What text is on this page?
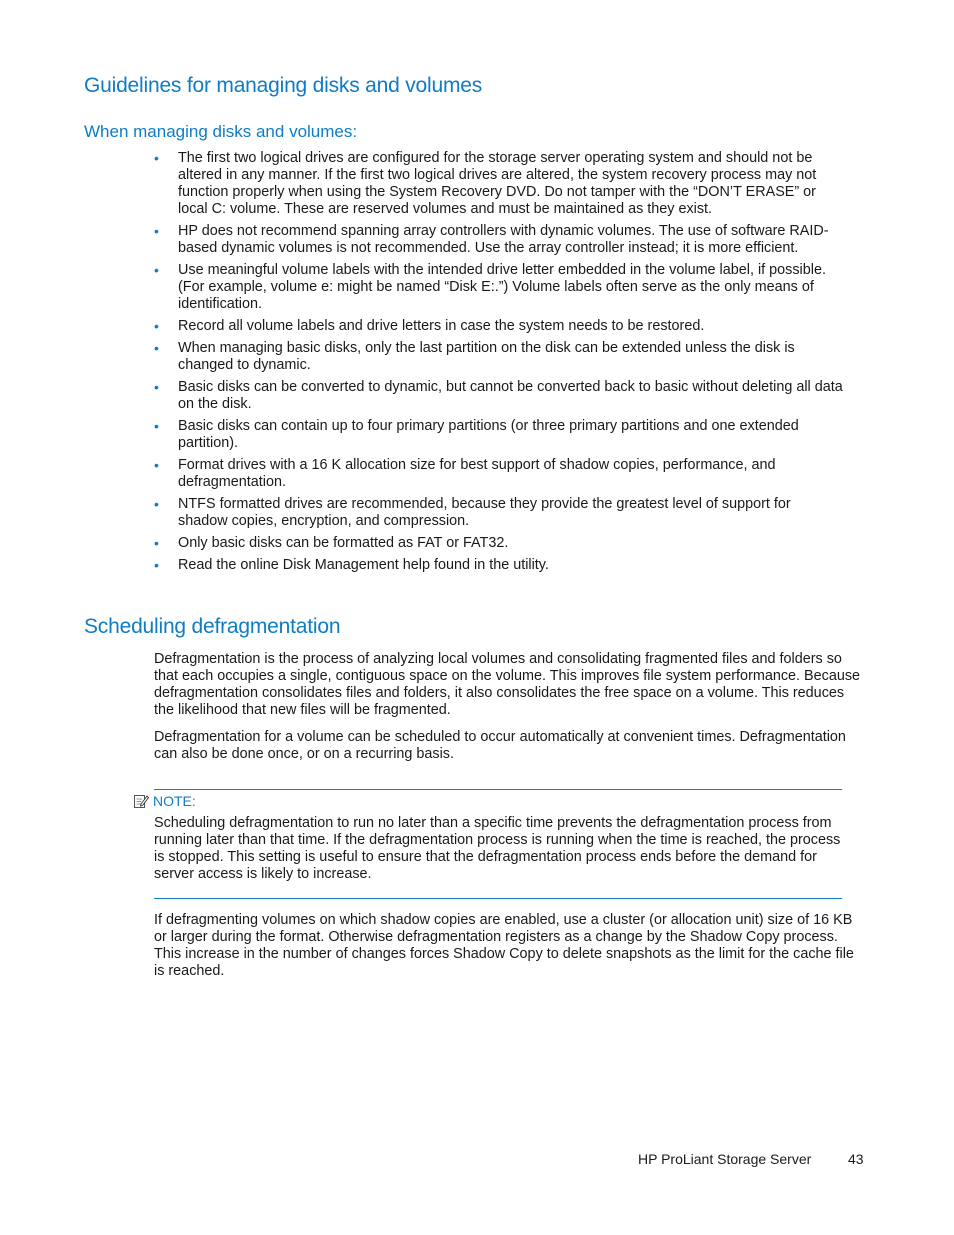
Guidelines for managing disks and volumes
When managing disks and volumes:
• The first two logical drives are configured for the storage server operating system and should not be altered in any manner. If the first two logical drives are altered, the system recovery process may not function properly when using the System Recovery DVD. Do not tamper with the “DON’T ERASE” or local C: volume. These are reserved volumes and must be maintained as they exist.
• HP does not recommend spanning array controllers with dynamic volumes. The use of software RAID-based dynamic volumes is not recommended. Use the array controller instead; it is more efficient.
• Use meaningful volume labels with the intended drive letter embedded in the volume label, if possible. (For example, volume e: might be named “Disk E:.”) Volume labels often serve as the only means of identification.
• Record all volume labels and drive letters in case the system needs to be restored.
• When managing basic disks, only the last partition on the disk can be extended unless the disk is changed to dynamic.
• Basic disks can be converted to dynamic, but cannot be converted back to basic without deleting all data on the disk.
• Basic disks can contain up to four primary partitions (or three primary partitions and one extended partition).
• Format drives with a 16 K allocation size for best support of shadow copies, performance, and defragmentation.
• NTFS formatted drives are recommended, because they provide the greatest level of support for shadow copies, encryption, and compression.
• Only basic disks can be formatted as FAT or FAT32.
• Read the online Disk Management help found in the utility.
Scheduling defragmentation

Defragmentation is the process of analyzing local volumes and consolidating fragmented files and folders so that each occupies a single, contiguous space on the volume. This improves file system performance. Because defragmentation consolidates files and folders, it also consolidates the free space on a volume. This reduces the likelihood that new files will be fragmented.

Defragmentation for a volume can be scheduled to occur automatically at convenient times. Defragmentation can also be done once, or on a recurring basis.

NOTE:

Scheduling defragmentation to run no later than a specific time prevents the defragmentation process from running later than that time. If the defragmentation process is running when the time is reached, the process is stopped. This setting is useful to ensure that the defragmentation process ends before the demand for server access is likely to increase.

If defragmenting volumes on which shadow copies are enabled, use a cluster (or allocation unit) size of 16 KB or larger during the format. Otherwise defragmentation registers as a change by the Shadow Copy process. This increase in the number of changes forces Shadow Copy to delete snapshots as the limit for the cache file is reached.

HP ProLiant Storage Server	43
